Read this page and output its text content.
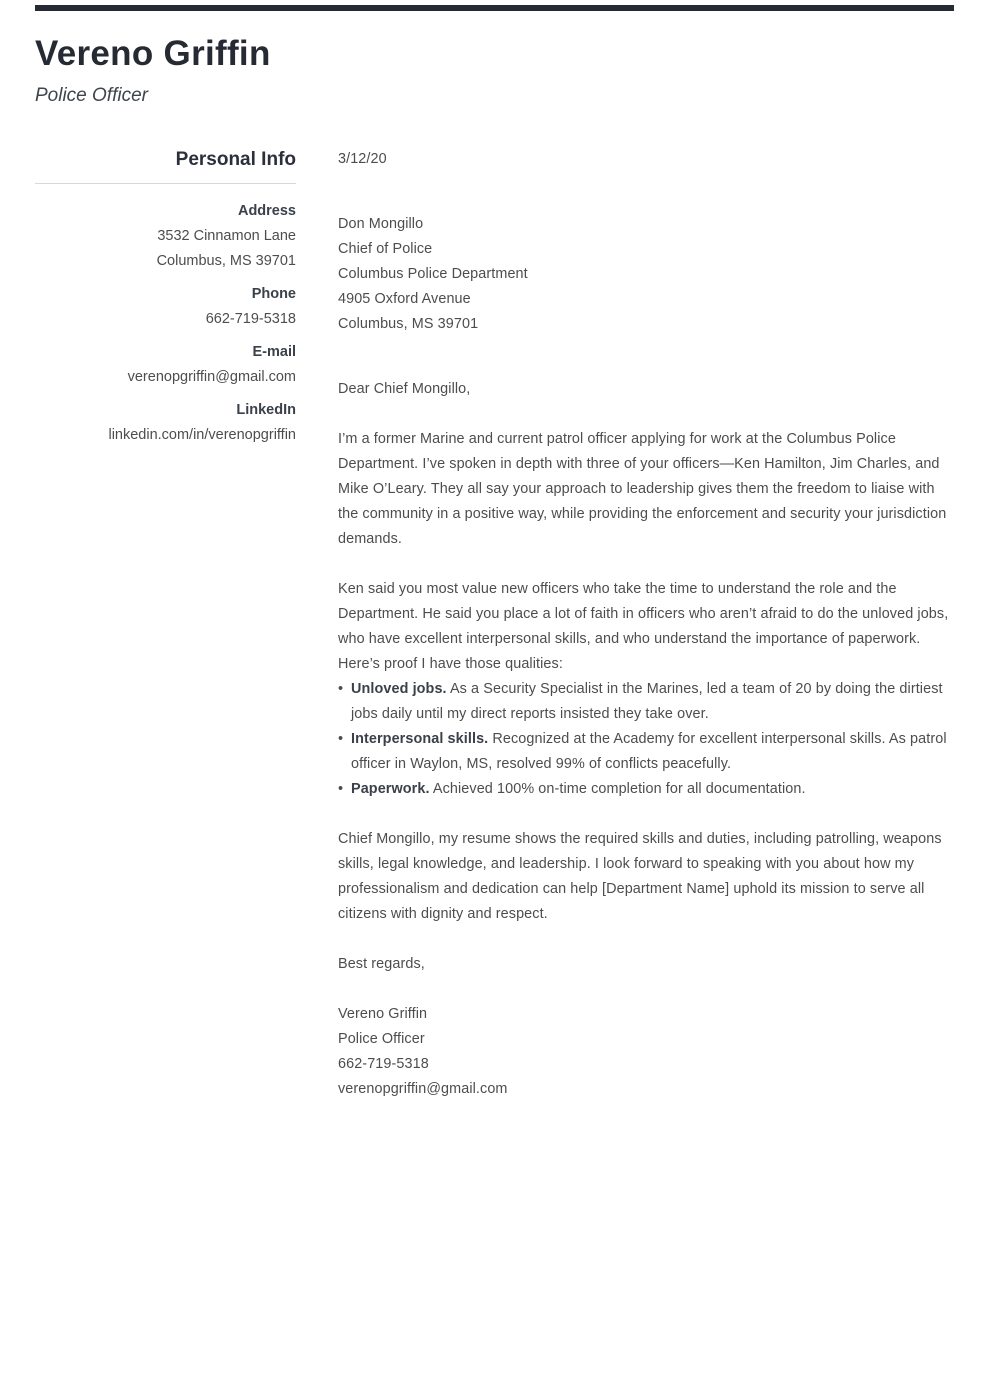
Vereno Griffin
Police Officer
Personal Info
Address
3532 Cinnamon Lane
Columbus, MS 39701
Phone
662-719-5318
E-mail
verenopgriffin@gmail.com
LinkedIn
linkedin.com/in/verenopgriffin
3/12/20
Don Mongillo
Chief of Police
Columbus Police Department
4905 Oxford Avenue
Columbus, MS 39701
Dear Chief Mongillo,

I’m a former Marine and current patrol officer applying for work at the Columbus Police Department. I’ve spoken in depth with three of your officers—Ken Hamilton, Jim Charles, and Mike O’Leary. They all say your approach to leadership gives them the freedom to liaise with the community in a positive way, while providing the enforcement and security your jurisdiction demands.

Ken said you most value new officers who take the time to understand the role and the Department. He said you place a lot of faith in officers who aren’t afraid to do the unloved jobs, who have excellent interpersonal skills, and who understand the importance of paperwork. Here’s proof I have those qualities:

• Unloved jobs. As a Security Specialist in the Marines, led a team of 20 by doing the dirtiest jobs daily until my direct reports insisted they take over.
• Interpersonal skills. Recognized at the Academy for excellent interpersonal skills. As patrol officer in Waylon, MS, resolved 99% of conflicts peacefully.
• Paperwork. Achieved 100% on-time completion for all documentation.

Chief Mongillo, my resume shows the required skills and duties, including patrolling, weapons skills, legal knowledge, and leadership. I look forward to speaking with you about how my professionalism and dedication can help [Department Name] uphold its mission to serve all citizens with dignity and respect.

Best regards,
Vereno Griffin
Police Officer
662-719-5318
verenopgriffin@gmail.com
